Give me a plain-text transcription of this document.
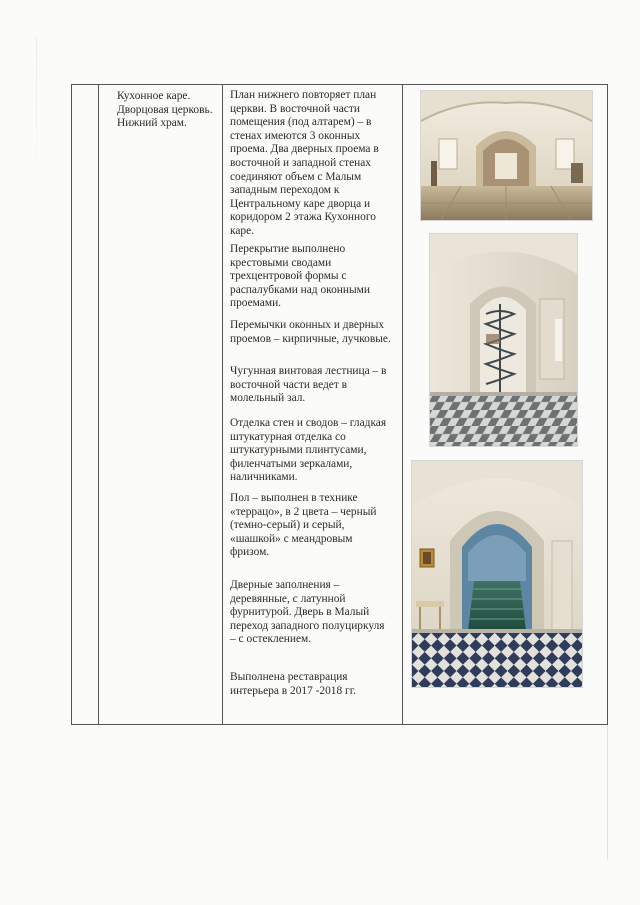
Кухонное каре.
Дворцовая церковь.
Нижний храм.
План нижнего повторяет план
церкви. В восточной части
помещения (под алтарем) – в
стенах имеются 3 оконных
проема. Два дверных проема в
восточной и западной стенах
соединяют объем с Малым
западным переходом к
Центральному каре дворца и
коридором 2 этажа Кухонного
каре.
Перекрытие выполнено
крестовыми сводами
трехцентровой формы с
распалубками над оконными
проемами.
Перемычки оконных и дверных
проемов – кирпичные, лучковые.
Чугунная винтовая лестница – в
восточной части ведет в
молельный зал.
Отделка стен и сводов – гладкая
штукатурная отделка со
штукатурными плинтусами,
филенчатыми зеркалами,
наличниками.
Пол – выполнен в технике
«террацо», в 2 цвета – черный
(темно-серый) и серый,
«шашкой» с меандровым
фризом.
Дверные заполнения –
деревянные, с латунной
фурнитурой. Дверь в Малый
переход западного полуциркуля
– с остеклением.
Выполнена реставрация
интерьера в 2017 -2018 гг.
